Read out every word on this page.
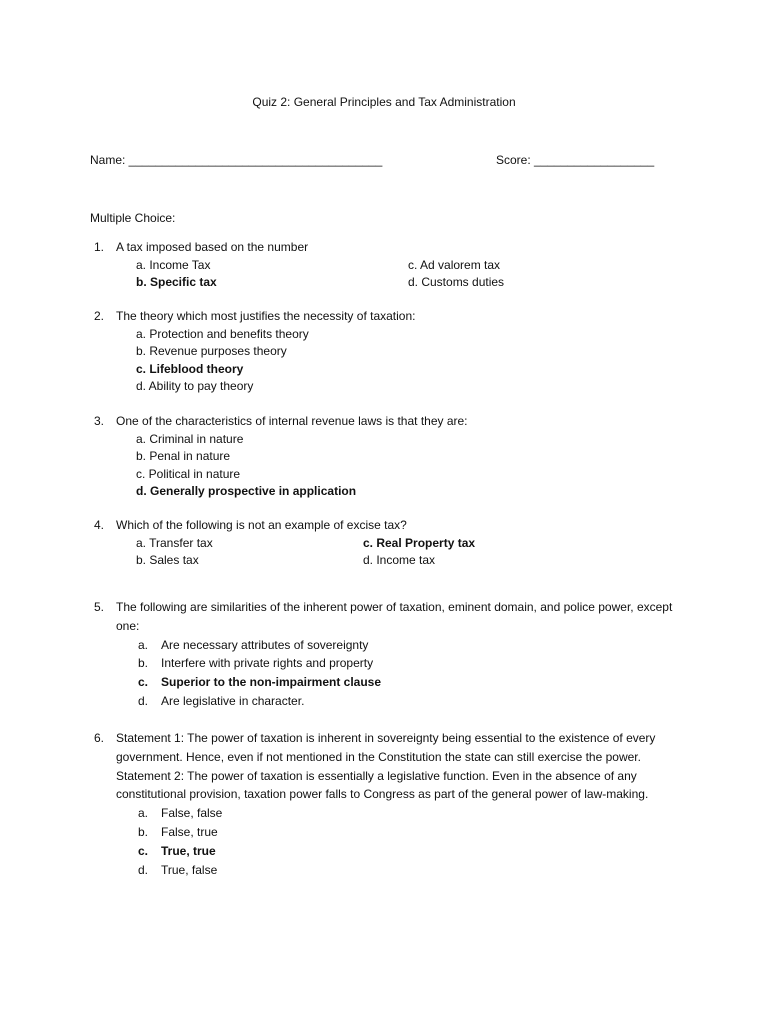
Quiz 2: General Principles and Tax Administration
Name: ______________________________________	Score: __________________
Multiple Choice:
1. A tax imposed based on the number

a. Income Tax
b. Specific tax
c. Ad valorem tax
d. Customs duties
2. The theory which most justifies the necessity of taxation:

a. Protection and benefits theory

b. Revenue purposes theory

c. Lifeblood theory

d. Ability to pay theory

3. One of the characteristics of internal revenue laws is that they are:

a. Criminal in nature

b. Penal in nature

c. Political in nature

d. Generally prospective in application

4. Which of the following is not an example of excise tax?

a. Transfer tax
b. Sales tax
c. Real Property tax
d. Income tax
5. The following are similarities of the inherent power of taxation, eminent domain, and police power, except one:

a. Are necessary attributes of sovereignty
b. Interfere with private rights and property
c. Superior to the non-impairment clause
d. Are legislative in character.
6. Statement 1: The power of taxation is inherent in sovereignty being essential to the existence of every government. Hence, even if not mentioned in the Constitution the state can still exercise the power.

Statement 2: The power of taxation is essentially a legislative function. Even in the absence of any constitutional provision, taxation power falls to Congress as part of the general power of law-making.

a. False, false
b. False, true
c. True, true
d. True, false
